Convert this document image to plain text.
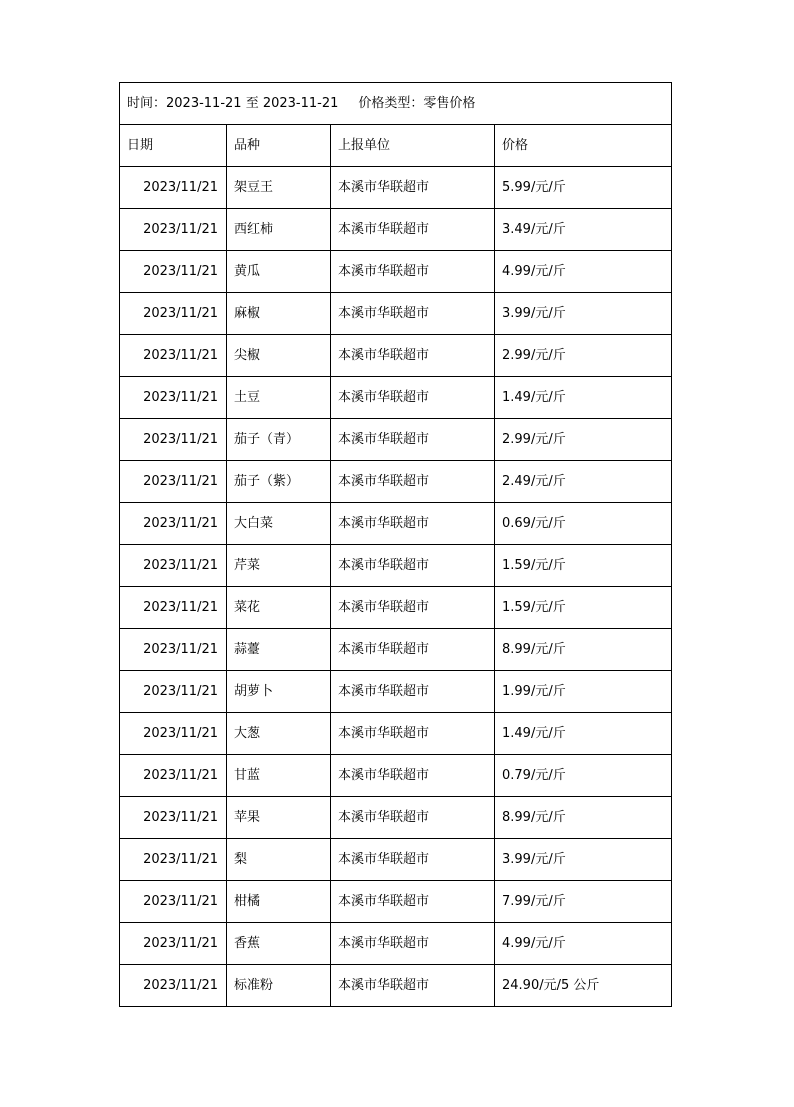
时间：2023-11-21 至 2023-11-21 价格类型：零售价格			
日期	品种	上报单位	价格
2023/11/21	架豆王	本溪市华联超市	5.99/元/斤
2023/11/21	西红柿	本溪市华联超市	3.49/元/斤
2023/11/21	黄瓜	本溪市华联超市	4.99/元/斤
2023/11/21	麻椒	本溪市华联超市	3.99/元/斤
2023/11/21	尖椒	本溪市华联超市	2.99/元/斤
2023/11/21	土豆	本溪市华联超市	1.49/元/斤
2023/11/21	茄子（青）	本溪市华联超市	2.99/元/斤
2023/11/21	茄子（紫）	本溪市华联超市	2.49/元/斤
2023/11/21	大白菜	本溪市华联超市	0.69/元/斤
2023/11/21	芹菜	本溪市华联超市	1.59/元/斤
2023/11/21	菜花	本溪市华联超市	1.59/元/斤
2023/11/21	蒜薹	本溪市华联超市	8.99/元/斤
2023/11/21	胡萝卜	本溪市华联超市	1.99/元/斤
2023/11/21	大葱	本溪市华联超市	1.49/元/斤
2023/11/21	甘蓝	本溪市华联超市	0.79/元/斤
2023/11/21	苹果	本溪市华联超市	8.99/元/斤
2023/11/21	梨	本溪市华联超市	3.99/元/斤
2023/11/21	柑橘	本溪市华联超市	7.99/元/斤
2023/11/21	香蕉	本溪市华联超市	4.99/元/斤
2023/11/21	标准粉	本溪市华联超市	24.90/元/5 公斤
